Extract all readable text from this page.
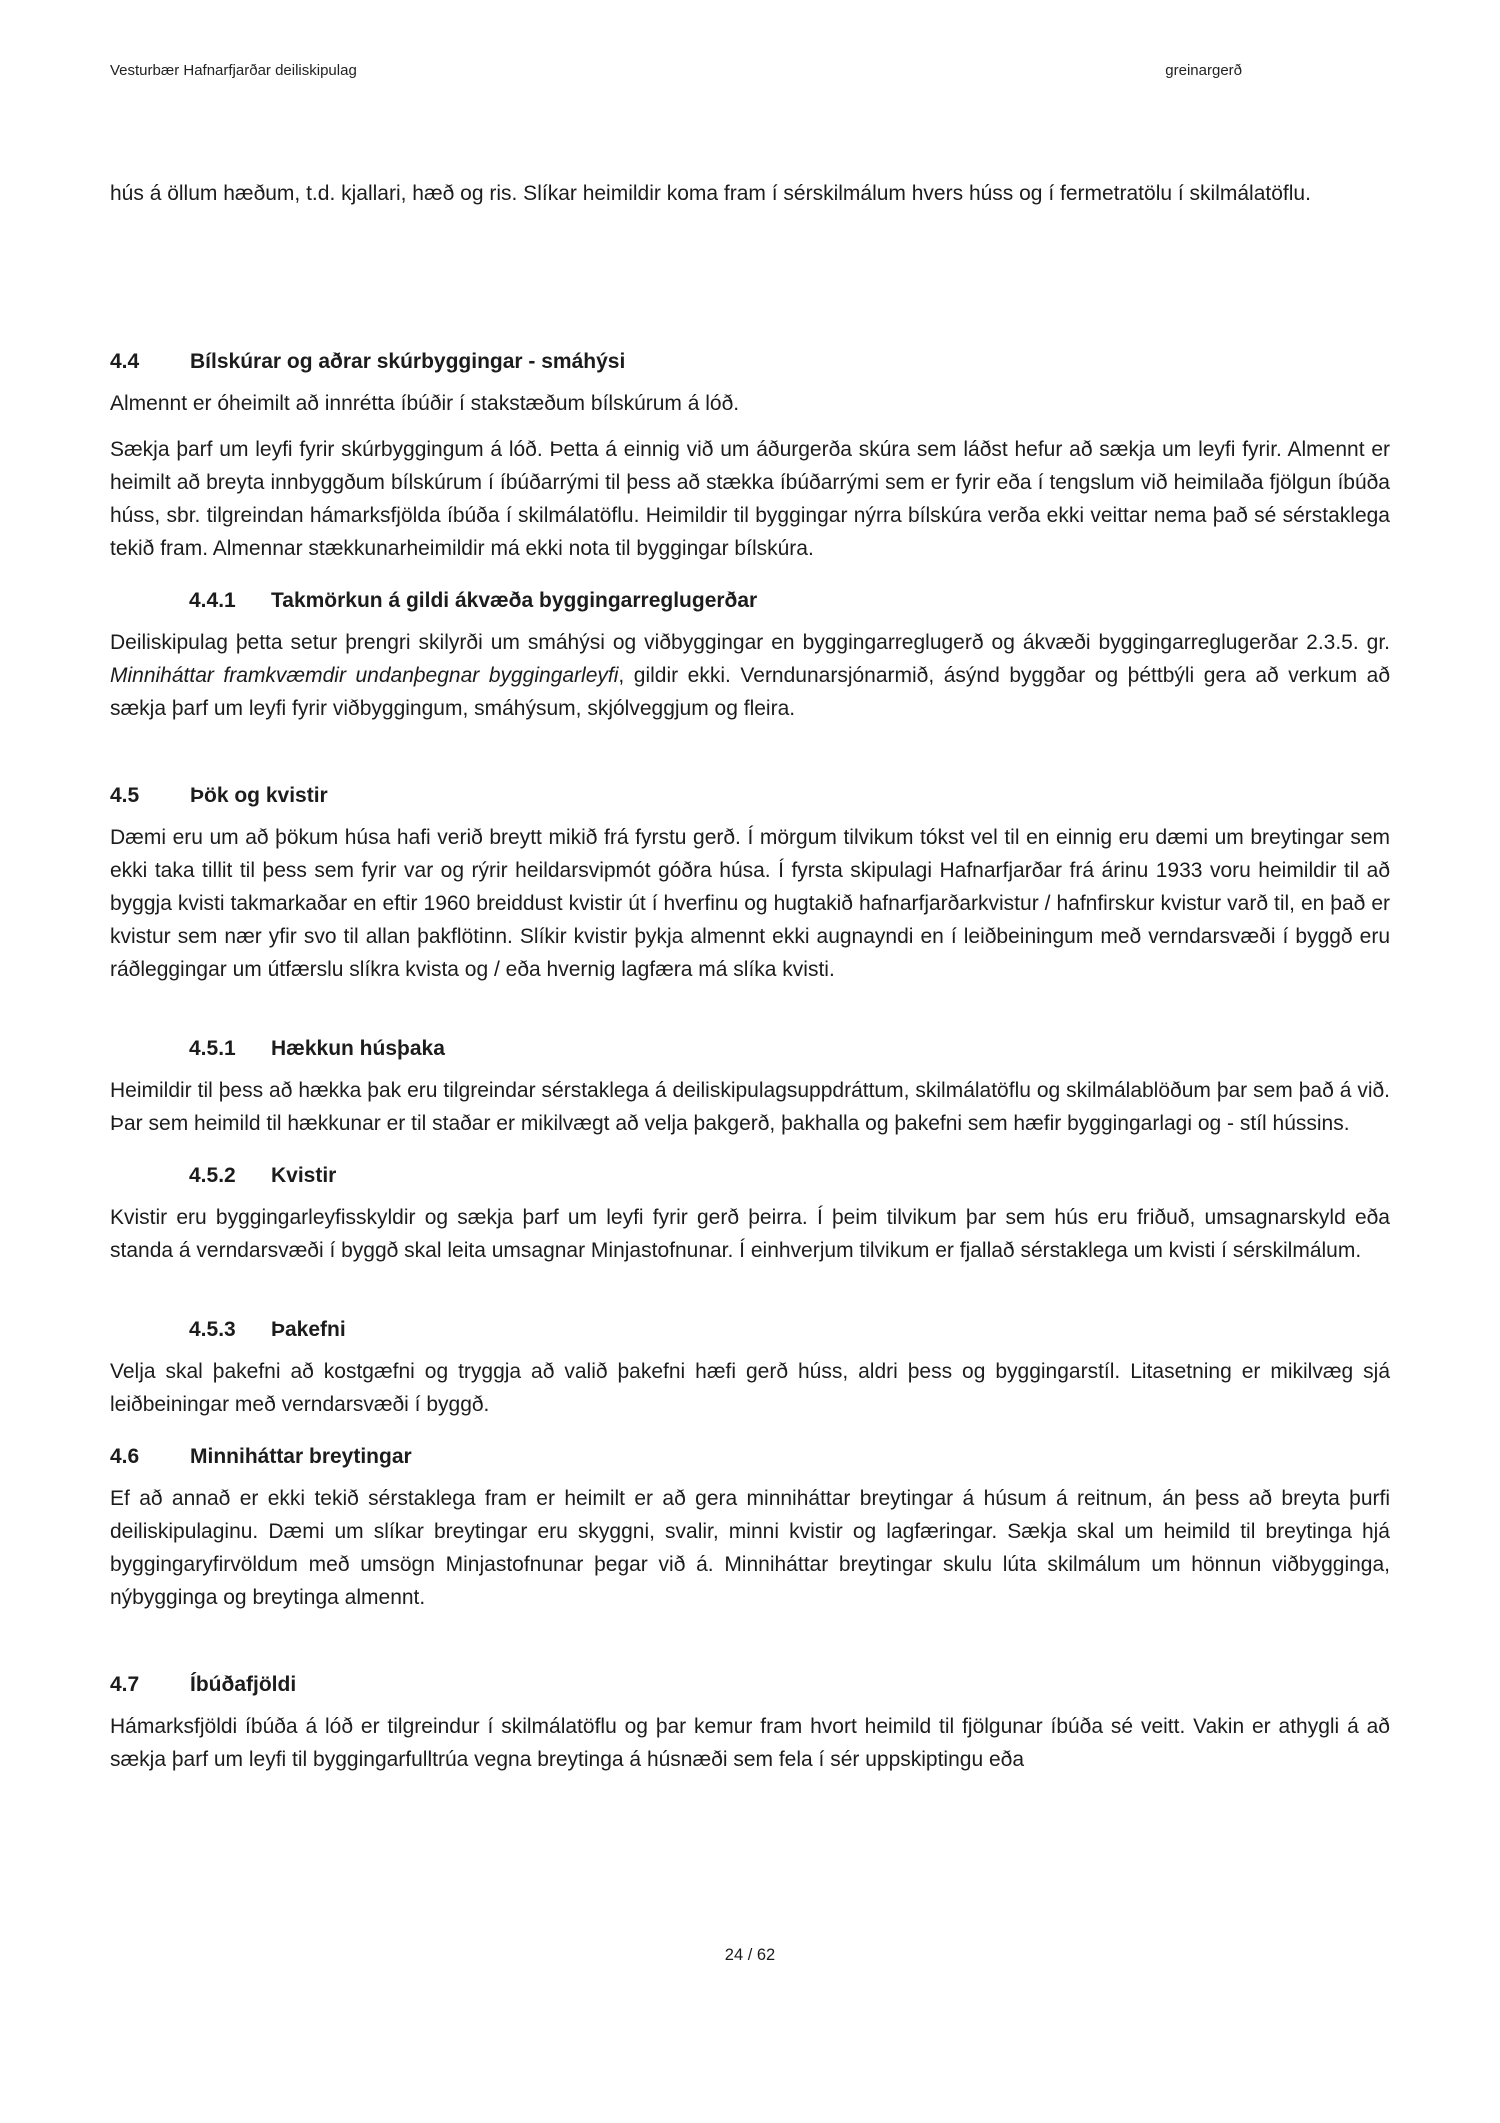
Vesturbær Hafnarfjarðar deiliskipulag	greinargerð

hús á öllum hæðum, t.d. kjallari, hæð og ris. Slíkar heimildir koma fram í sérskilmálum hvers húss og í fermetratölu í skilmálatöflu.

4.4	Bílskúrar og aðrar skúrbyggingar - smáhýsi

Almennt er óheimilt að innrétta íbúðir í stakstæðum bílskúrum á lóð.

Sækja þarf um leyfi fyrir skúrbyggingum á lóð. Þetta á einnig við um áðurgerða skúra sem láðst hefur að sækja um leyfi fyrir. Almennt er heimilt að breyta innbyggðum bílskúrum í íbúðarrými til þess að stækka íbúðarrými sem er fyrir eða í tengslum við heimilaða fjölgun íbúða húss, sbr. tilgreindan hámarksfjölda íbúða í skilmálatöflu. Heimildir til byggingar nýrra bílskúra verða ekki veittar nema það sé sérstaklega tekið fram. Almennar stækkunarheimildir má ekki nota til byggingar bílskúra.

4.4.1	Takmörkun á gildi ákvæða byggingarreglugerðar

Deiliskipulag þetta setur þrengri skilyrði um smáhýsi og viðbyggingar en byggingarreglugerð og ákvæði byggingarreglugerðar 2.3.5. gr. Minniháttar framkvæmdir undanþegnar byggingarleyfi, gildir ekki. Verndunarsjónarmið, ásýnd byggðar og þéttbýli gera að verkum að sækja þarf um leyfi fyrir viðbyggingum, smáhýsum, skjólveggjum og fleira.

4.5	Þök og kvistir

Dæmi eru um að þökum húsa hafi verið breytt mikið frá fyrstu gerð. Í mörgum tilvikum tókst vel til en einnig eru dæmi um breytingar sem ekki taka tillit til þess sem fyrir var og rýrir heildarsvipmót góðra húsa. Í fyrsta skipulagi Hafnarfjarðar frá árinu 1933 voru heimildir til að byggja kvisti takmarkaðar en eftir 1960 breiddust kvistir út í hverfinu og hugtakið hafnarfjarðarkvistur / hafnfirskur kvistur varð til, en það er kvistur sem nær yfir svo til allan þakflötinn. Slíkir kvistir þykja almennt ekki augnayndi en í leiðbeiningum með verndarsvæði í byggð eru ráðleggingar um útfærslu slíkra kvista og / eða hvernig lagfæra má slíka kvisti.

4.5.1	Hækkun húsþaka

Heimildir til þess að hækka þak eru tilgreindar sérstaklega á deiliskipulagsuppdráttum, skilmálatöflu og skilmálablöðum þar sem það á við. Þar sem heimild til hækkunar er til staðar er mikilvægt að velja þakgerð, þakhalla og þakefni sem hæfir byggingarlagi og - stíl hússins.

4.5.2	Kvistir

Kvistir eru byggingarleyfisskyldir og sækja þarf um leyfi fyrir gerð þeirra. Í þeim tilvikum þar sem hús eru friðuð, umsagnarskyld eða standa á verndarsvæði í byggð skal leita umsagnar Minjastofnunar. Í einhverjum tilvikum er fjallað sérstaklega um kvisti í sérskilmálum.

4.5.3	Þakefni

Velja skal þakefni að kostgæfni og tryggja að valið þakefni hæfi gerð húss, aldri þess og byggingarstíl. Litasetning er mikilvæg sjá leiðbeiningar með verndarsvæði í byggð.

4.6	Minniháttar breytingar

Ef að annað er ekki tekið sérstaklega fram er heimilt er að gera minniháttar breytingar á húsum á reitnum, án þess að breyta þurfi deiliskipulaginu. Dæmi um slíkar breytingar eru skyggni, svalir, minni kvistir og lagfæringar. Sækja skal um heimild til breytinga hjá byggingaryfirvöldum með umsögn Minjastofnunar þegar við á. Minniháttar breytingar skulu lúta skilmálum um hönnun viðbygginga, nýbygginga og breytinga almennt.

4.7	Íbúðafjöldi

Hámarksfjöldi íbúða á lóð er tilgreindur í skilmálatöflu og þar kemur fram hvort heimild til fjölgunar íbúða sé veitt. Vakin er athygli á að sækja þarf um leyfi til byggingarfulltrúa vegna breytinga á húsnæði sem fela í sér uppskiptingu eða

24 / 62
